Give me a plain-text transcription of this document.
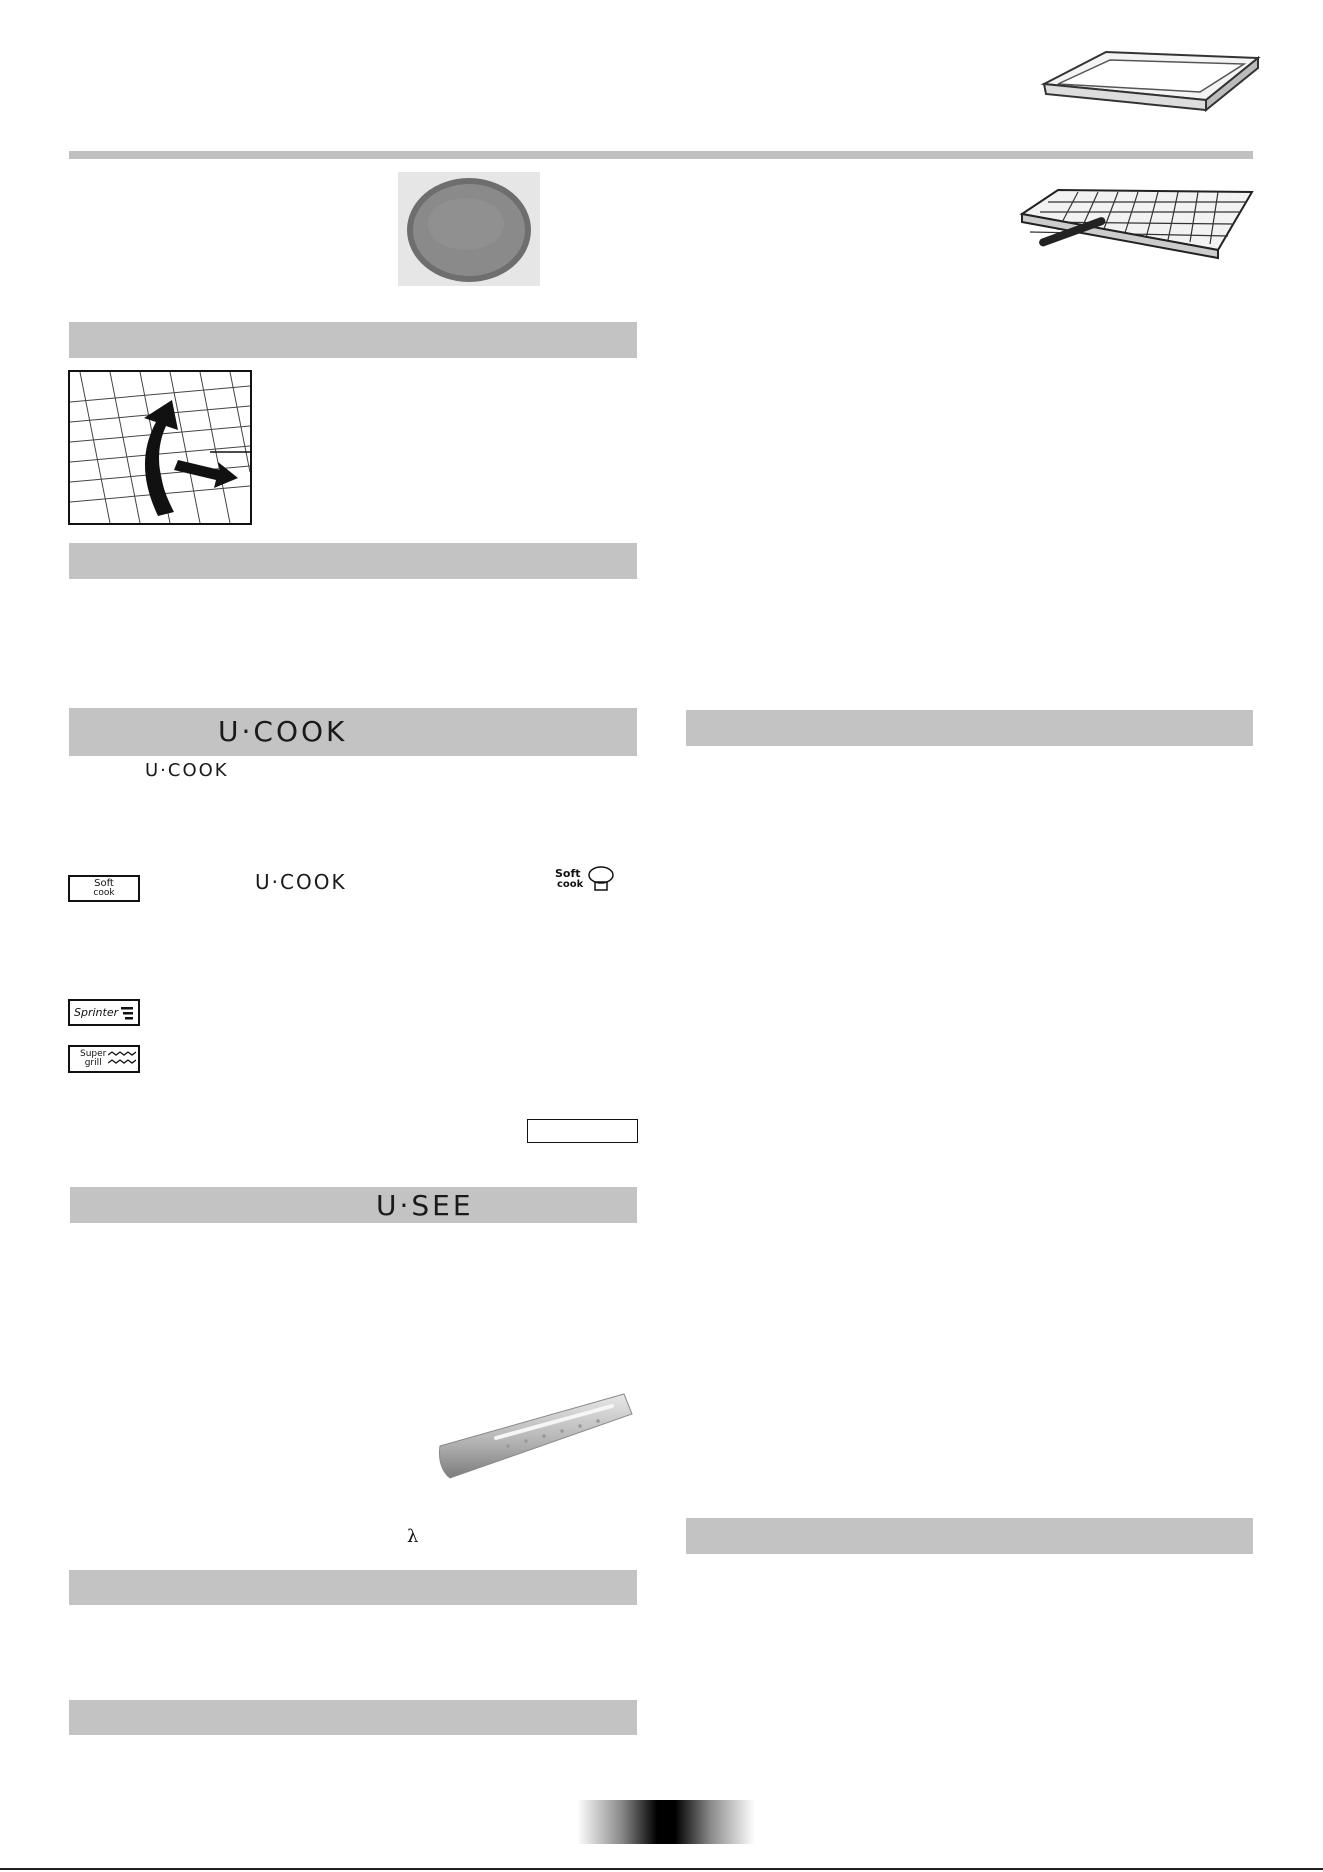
U·COOK
U·COOK
Soft
cook	U·COOK	Soft
cook
Sprinter
Super
grill
U·SEE
λ
